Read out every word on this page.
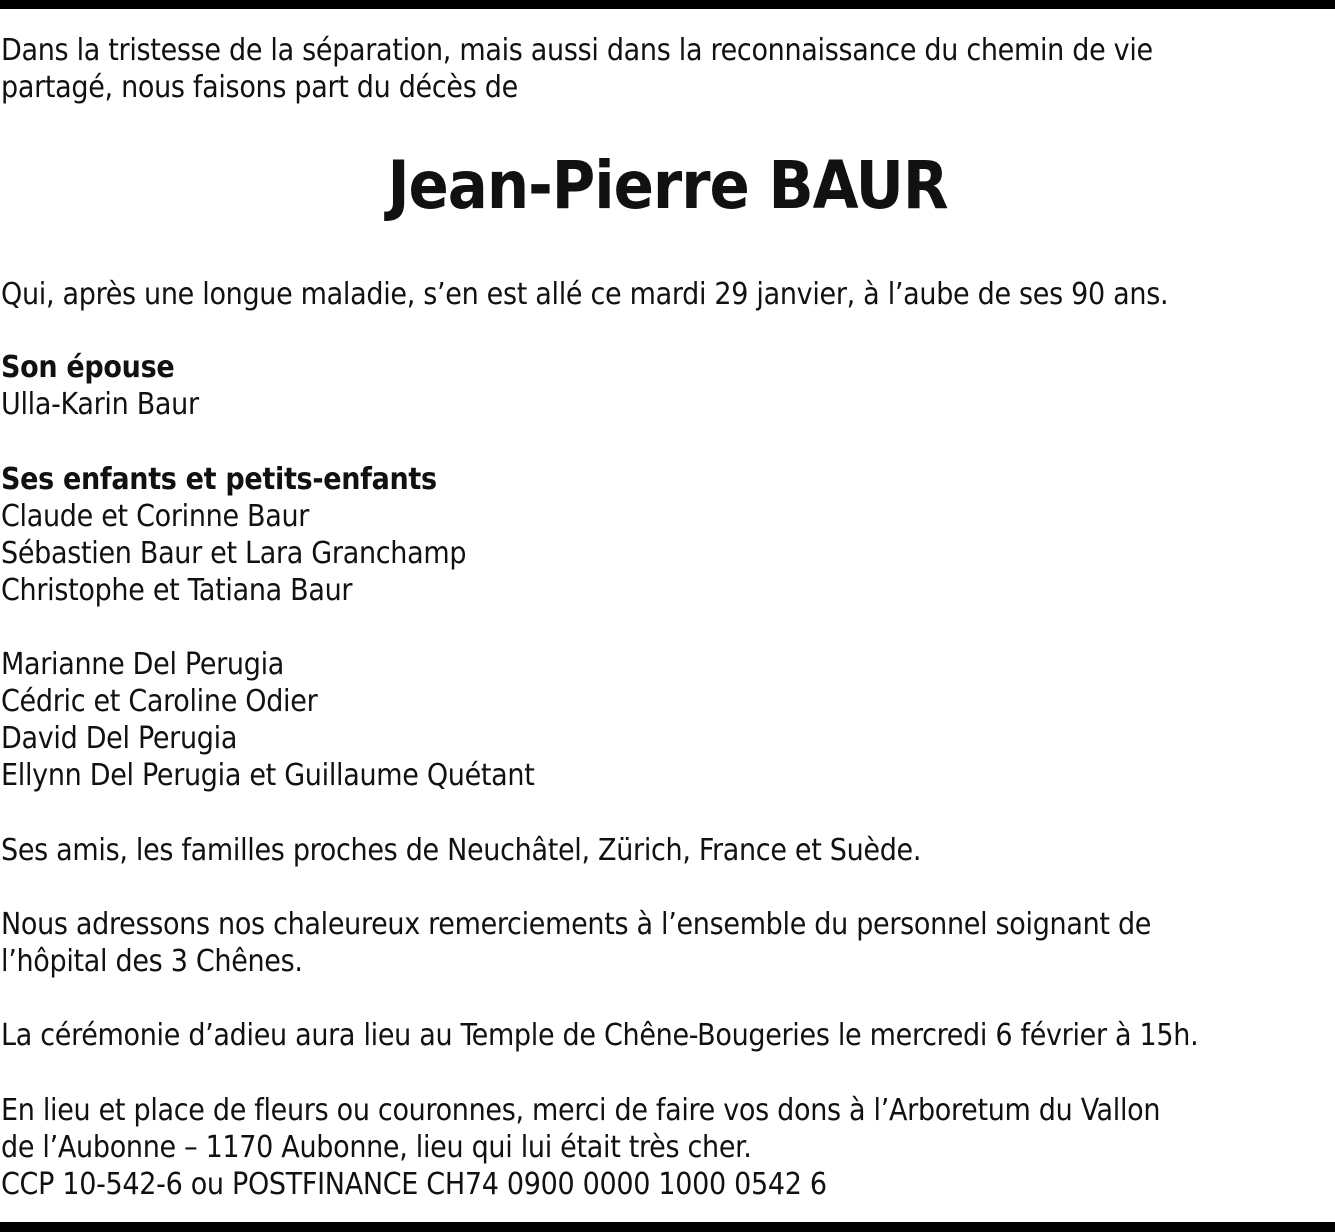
Dans la tristesse de la séparation, mais aussi dans la reconnaissance du chemin de vie
partagé, nous faisons part du décès de
Jean-Pierre BAUR
Qui, après une longue maladie, s’en est allé ce mardi 29 janvier, à l’aube de ses 90 ans.
Son épouse
Ulla-Karin Baur
Ses enfants et petits-enfants
Claude et Corinne Baur
Sébastien Baur et Lara Granchamp
Christophe et Tatiana Baur
Marianne Del Perugia
Cédric et Caroline Odier
David Del Perugia
Ellynn Del Perugia et Guillaume Quétant
Ses amis, les familles proches de Neuchâtel, Zürich, France et Suède.
Nous adressons nos chaleureux remerciements à l’ensemble du personnel soignant de
l’hôpital des 3 Chênes.
La cérémonie d’adieu aura lieu au Temple de Chêne-Bougeries le mercredi 6 février à 15h.
En lieu et place de fleurs ou couronnes, merci de faire vos dons à l’Arboretum du Vallon
de l’Aubonne – 1170 Aubonne, lieu qui lui était très cher.
CCP 10-542-6 ou POSTFINANCE CH74 0900 0000 1000 0542 6
